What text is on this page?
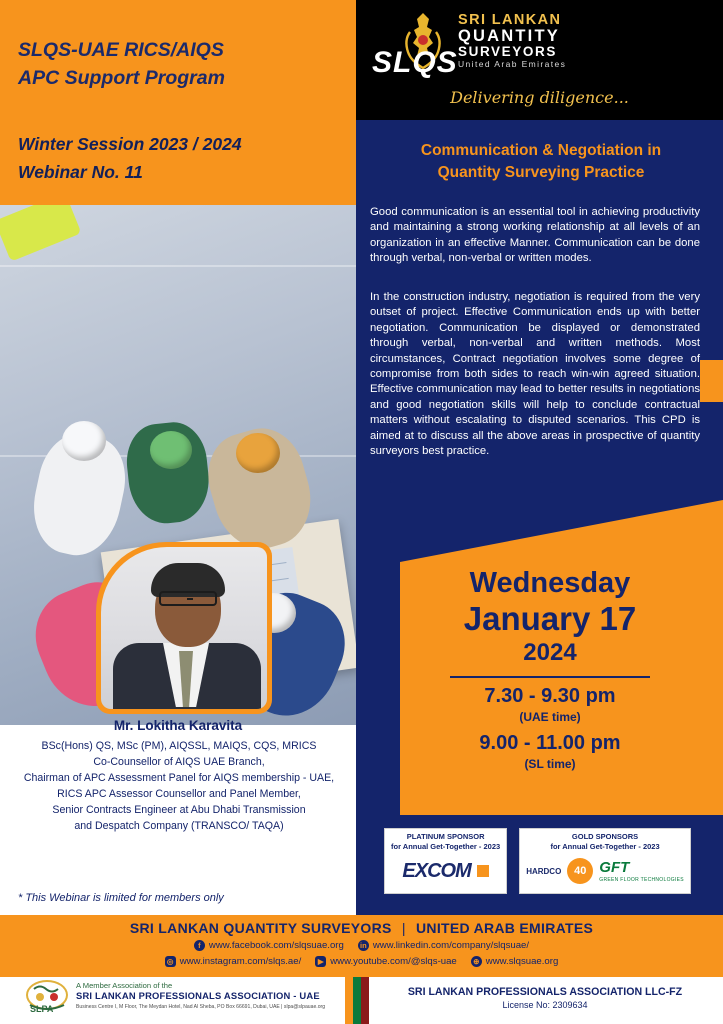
SLQS-UAE RICS/AIQS
APC Support Program
Winter Session 2023 / 2024
Webinar No. 11
SRI LANKAN
QUANTITY
SURVEYORS
United Arab Emirates
SLQS
Delivering diligence...
Communication & Negotiation in
Quantity Surveying Practice
Good communication is an essential tool in achieving productivity and maintaining a strong working relationship at all levels of an organization in an effective Manner. Communication can be done through verbal, non-verbal or written modes.
In the construction industry, negotiation is required from the very outset of project. Effective Communication ends up with better negotiation. Communication be displayed or demonstrated through verbal, non-verbal and written methods. Most circumstances, Contract negotiation involves some degree of compromise from both sides to reach win-win agreed situation. Effective communication may lead to better results in negotiations and good negotiation skills will help to conclude contractual matters without escalating to disputed scenarios. This CPD is aimed at to discuss all the above areas in prospective of quantity surveyors best practice.
Wednesday
January 17
2024
7.30 - 9.30 pm
(UAE time)
9.00 - 11.00 pm
(SL time)
PLATINUM SPONSOR
for Annual Get-Together - 2023
EXCOM
GOLD SPONSORS
for Annual Get-Together - 2023
HARDCO	40 GFT
GREEN FLOOR TECHNOLOGIES
Mr. Lokitha Karavita
BSc(Hons) QS, MSc (PM), AIQSSL, MAIQS, CQS, MRICS
Co-Counsellor of AIQS UAE Branch,
Chairman of APC Assessment Panel for AIQS membership - UAE,
RICS APC Assessor Counsellor and Panel Member,
Senior Contracts Engineer at Abu Dhabi Transmission
and Despatch Company (TRANSCO/ TAQA)
* This Webinar is limited for members only
SRI LANKAN QUANTITY SURVEYORS | UNITED ARAB EMIRATES
f www.facebook.com/slqsuae.org in www.linkedin.com/company/slqsuae/
◎ www.instagram.com/slqs.ae/	▶ www.youtube.com/@slqs-uae	⊕ www.slqsuae.org
SLPA
A Member Association of the
SRI LANKAN PROFESSIONALS ASSOCIATION - UAE
Business Centre I, M Floor, The Meydan Hotel, Nad Al Sheba, PO Box 66691, Dubai, UAE | slpa@slpauae.org
SRI LANKAN PROFESSIONALS ASSOCIATION LLC-FZ
License No: 2309634
